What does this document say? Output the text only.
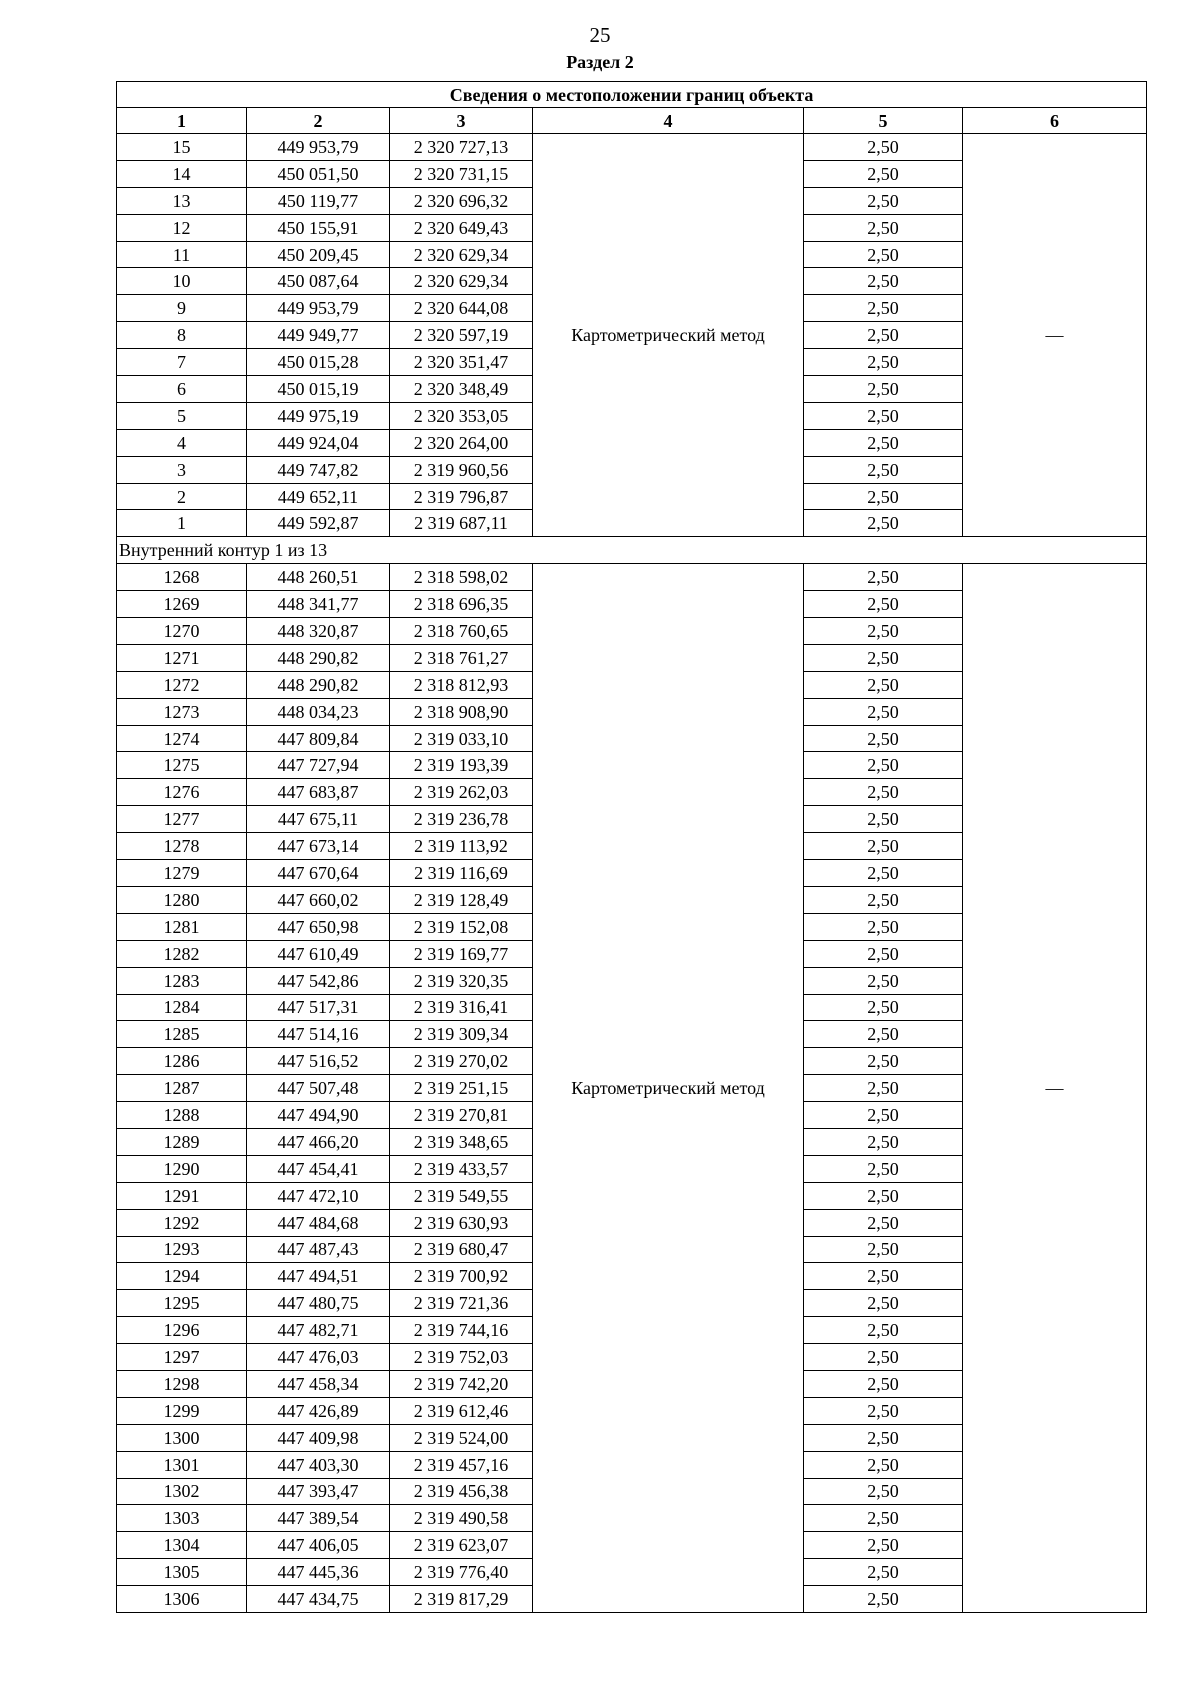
25
Раздел 2
Сведения о местоположении границ объекта					
1	2	3	4	5	6
15	449 953,79	2 320 727,13	Картометрический метод	2,50	—
14	450 051,50	2 320 731,15		2,50	
13	450 119,77	2 320 696,32		2,50	
12	450 155,91	2 320 649,43		2,50	
11	450 209,45	2 320 629,34		2,50	
10	450 087,64	2 320 629,34		2,50	
9	449 953,79	2 320 644,08		2,50	
8	449 949,77	2 320 597,19		2,50	
7	450 015,28	2 320 351,47		2,50	
6	450 015,19	2 320 348,49		2,50	
5	449 975,19	2 320 353,05		2,50	
4	449 924,04	2 320 264,00		2,50	
3	449 747,82	2 319 960,56		2,50	
2	449 652,11	2 319 796,87		2,50	
1	449 592,87	2 319 687,11		2,50	
Внутренний контур 1 из 13					
1268	448 260,51	2 318 598,02	Картометрический метод	2,50	—
1269	448 341,77	2 318 696,35		2,50	
1270	448 320,87	2 318 760,65		2,50	
1271	448 290,82	2 318 761,27		2,50	
1272	448 290,82	2 318 812,93		2,50	
1273	448 034,23	2 318 908,90		2,50	
1274	447 809,84	2 319 033,10		2,50	
1275	447 727,94	2 319 193,39		2,50	
1276	447 683,87	2 319 262,03		2,50	
1277	447 675,11	2 319 236,78		2,50	
1278	447 673,14	2 319 113,92		2,50	
1279	447 670,64	2 319 116,69		2,50	
1280	447 660,02	2 319 128,49		2,50	
1281	447 650,98	2 319 152,08		2,50	
1282	447 610,49	2 319 169,77		2,50	
1283	447 542,86	2 319 320,35		2,50	
1284	447 517,31	2 319 316,41		2,50	
1285	447 514,16	2 319 309,34		2,50	
1286	447 516,52	2 319 270,02		2,50	
1287	447 507,48	2 319 251,15		2,50	
1288	447 494,90	2 319 270,81		2,50	
1289	447 466,20	2 319 348,65		2,50	
1290	447 454,41	2 319 433,57		2,50	
1291	447 472,10	2 319 549,55		2,50	
1292	447 484,68	2 319 630,93		2,50	
1293	447 487,43	2 319 680,47		2,50	
1294	447 494,51	2 319 700,92		2,50	
1295	447 480,75	2 319 721,36		2,50	
1296	447 482,71	2 319 744,16		2,50	
1297	447 476,03	2 319 752,03		2,50	
1298	447 458,34	2 319 742,20		2,50	
1299	447 426,89	2 319 612,46		2,50	
1300	447 409,98	2 319 524,00		2,50	
1301	447 403,30	2 319 457,16		2,50	
1302	447 393,47	2 319 456,38		2,50	
1303	447 389,54	2 319 490,58		2,50	
1304	447 406,05	2 319 623,07		2,50	
1305	447 445,36	2 319 776,40		2,50	
1306	447 434,75	2 319 817,29		2,50	
